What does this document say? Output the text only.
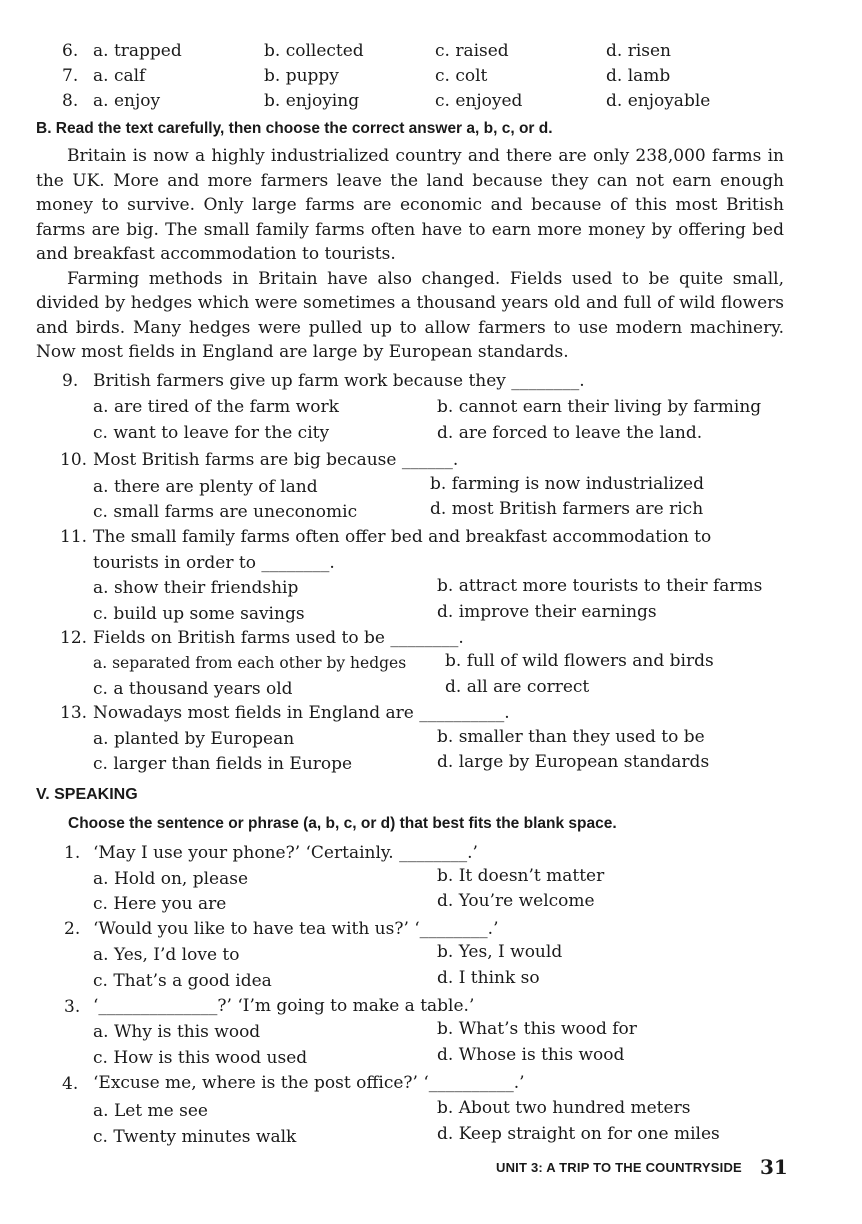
6. a. trapped	b. collected	c. raised	d. risen
7. a. calf	b. puppy	c. colt	d. lamb
8. a. enjoy	b. enjoying	c. enjoyed	d. enjoyable
B. Read the text carefully, then choose the correct answer a, b, c, or d.

Britain is now a highly industrialized country and there are only 238,000 farms in the UK. More and more farmers leave the land because they can not earn enough money to survive. Only large farms are economic and because of this most British farms are big. The small family farms often have to earn more money by offering bed and breakfast accommodation to tourists.

Farming methods in Britain have also changed. Fields used to be quite small, divided by hedges which were sometimes a thousand years old and full of wild flowers and birds. Many hedges were pulled up to allow farmers to use modern machinery. Now most fields in England are large by European standards.

9. British farmers give up farm work because they ________.
a. are tired of the farm work	b. cannot earn their living by farming
c. want to leave for the city	d. are forced to leave the land.
10. Most British farms are big because ______.
a. there are plenty of land	b. farming is now industrialized
c. small farms are uneconomic	d. most British farmers are rich
11. The small family farms often offer bed and breakfast accommodation to
tourists in order to ________.
a. show their friendship	b. attract more tourists to their farms
c. build up some savings	d. improve their earnings
12. Fields on British farms used to be ________.
a. separated from each other by hedges b. full of wild flowers and birds
c. a thousand years old	d. all are correct
13. Nowadays most fields in England are __________.
a. planted by European	b. smaller than they used to be
c. larger than fields in Europe	d. large by European standards
V. SPEAKING
Choose the sentence or phrase (a, b, c, or d) that best fits the blank space.
1. ‘May I use your phone?’ ‘Certainly. ________.’
a. Hold on, please	b. It doesn’t matter
c. Here you are	d. You’re welcome
2. ‘Would you like to have tea with us?’ ‘________.’
a. Yes, I’d love to	b. Yes, I would
c. That’s a good idea	d. I think so
3. ‘______________?’ ‘I’m going to make a table.’
a. Why is this wood	b. What’s this wood for
c. How is this wood used	d. Whose is this wood
4. ‘Excuse me, where is the post office?’ ‘__________.’
a. Let me see	b. About two hundred meters
c. Twenty minutes walk	d. Keep straight on for one miles
UNIT 3: A TRIP TO THE COUNTRYSIDE 31
